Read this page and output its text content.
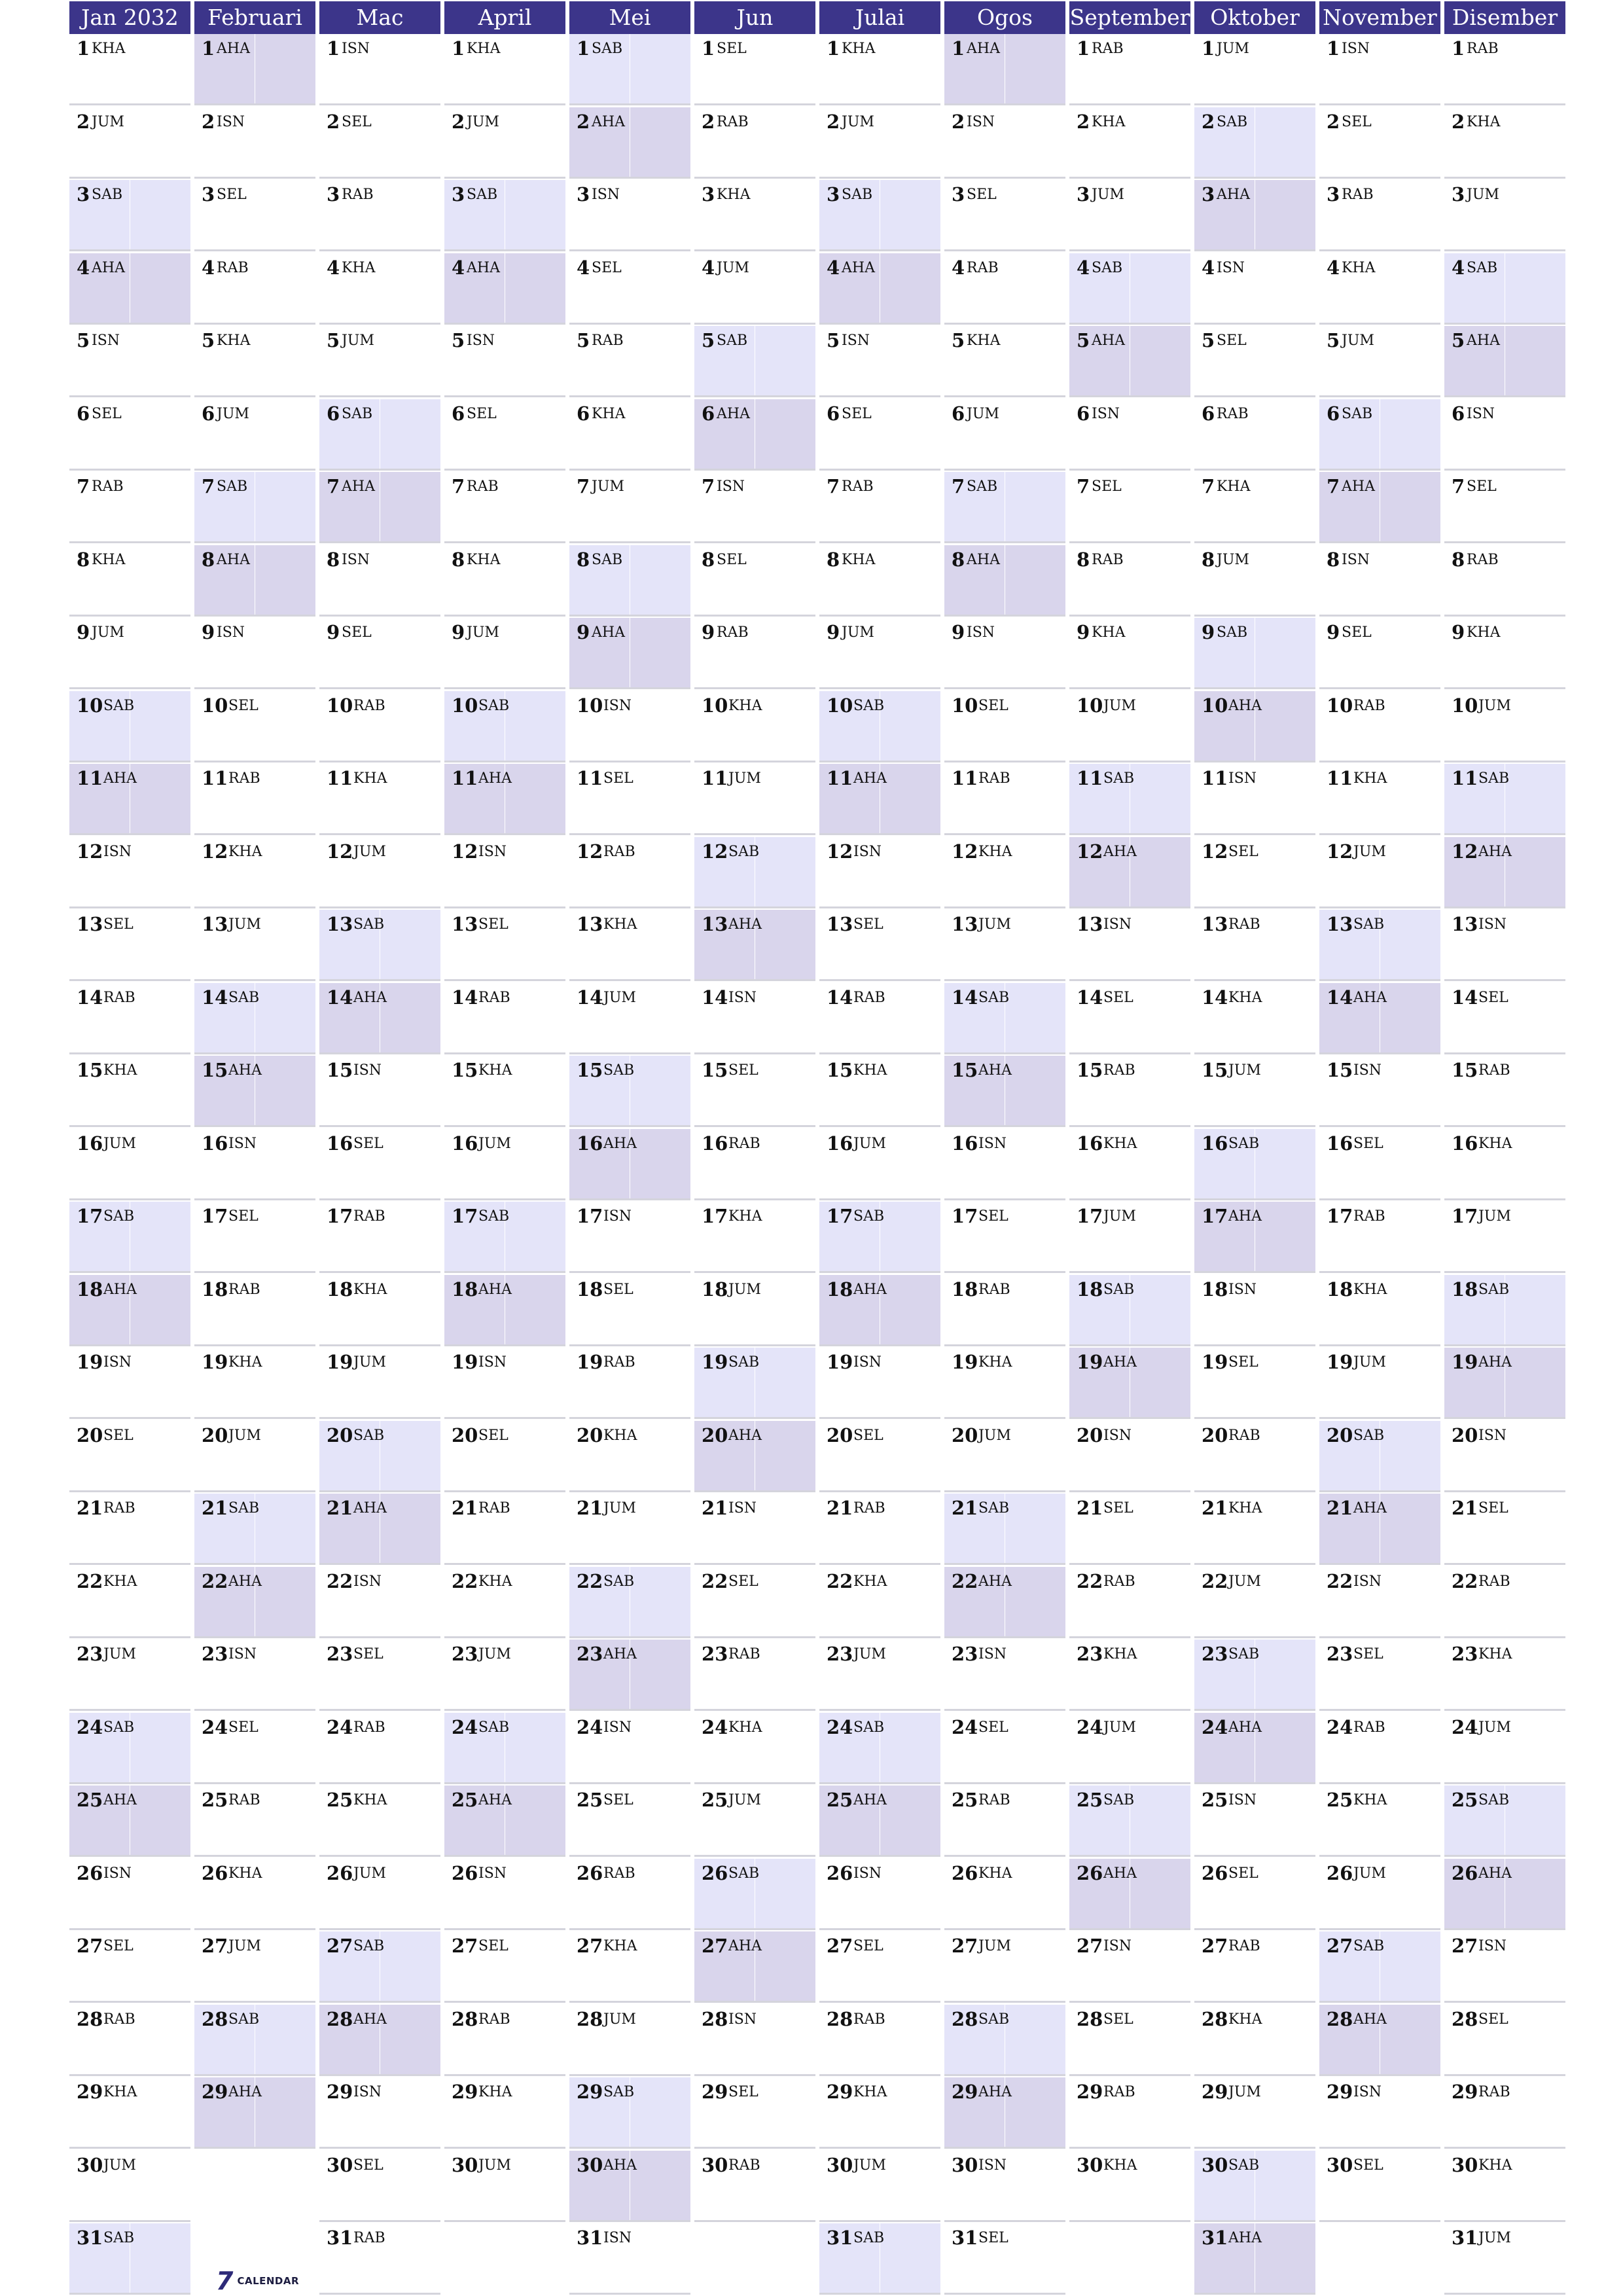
Jan 2032
1 KHA
2 JUM
3 SAB
4 AHA
5 ISN
6 SEL
7 RAB
8 KHA
9 JUM
10 SAB
11 AHA
12 ISN
13 SEL
14 RAB
15 KHA
16 JUM
17 SAB
18 AHA
19 ISN
20 SEL
21 RAB
22 KHA
23 JUM
24 SAB
25 AHA
26 ISN
27 SEL
28 RAB
29 KHA
30 JUM
31 SAB
Februari
1 AHA
2 ISN
3 SEL
4 RAB
5 KHA
6 JUM
7 SAB
8 AHA
9 ISN
10 SEL
11 RAB
12 KHA
13 JUM
14 SAB
15 AHA
16 ISN
17 SEL
18 RAB
19 KHA
20 JUM
21 SAB
22 AHA
23 ISN
24 SEL
25 RAB
26 KHA
27 JUM
28 SAB
29 AHA
Mac
1 ISN
2 SEL
3 RAB
4 KHA
5 JUM
6 SAB
7 AHA
8 ISN
9 SEL
10 RAB
11 KHA
12 JUM
13 SAB
14 AHA
15 ISN
16 SEL
17 RAB
18 KHA
19 JUM
20 SAB
21 AHA
22 ISN
23 SEL
24 RAB
25 KHA
26 JUM
27 SAB
28 AHA
29 ISN
30 SEL
31 RAB
April
1 KHA
2 JUM
3 SAB
4 AHA
5 ISN
6 SEL
7 RAB
8 KHA
9 JUM
10 SAB
11 AHA
12 ISN
13 SEL
14 RAB
15 KHA
16 JUM
17 SAB
18 AHA
19 ISN
20 SEL
21 RAB
22 KHA
23 JUM
24 SAB
25 AHA
26 ISN
27 SEL
28 RAB
29 KHA
30 JUM
Mei
1 SAB
2 AHA
3 ISN
4 SEL
5 RAB
6 KHA
7 JUM
8 SAB
9 AHA
10 ISN
11 SEL
12 RAB
13 KHA
14 JUM
15 SAB
16 AHA
17 ISN
18 SEL
19 RAB
20 KHA
21 JUM
22 SAB
23 AHA
24 ISN
25 SEL
26 RAB
27 KHA
28 JUM
29 SAB
30 AHA
31 ISN
Jun
1 SEL
2 RAB
3 KHA
4 JUM
5 SAB
6 AHA
7 ISN
8 SEL
9 RAB
10 KHA
11 JUM
12 SAB
13 AHA
14 ISN
15 SEL
16 RAB
17 KHA
18 JUM
19 SAB
20 AHA
21 ISN
22 SEL
23 RAB
24 KHA
25 JUM
26 SAB
27 AHA
28 ISN
29 SEL
30 RAB
Julai
1 KHA
2 JUM
3 SAB
4 AHA
5 ISN
6 SEL
7 RAB
8 KHA
9 JUM
10 SAB
11 AHA
12 ISN
13 SEL
14 RAB
15 KHA
16 JUM
17 SAB
18 AHA
19 ISN
20 SEL
21 RAB
22 KHA
23 JUM
24 SAB
25 AHA
26 ISN
27 SEL
28 RAB
29 KHA
30 JUM
31 SAB
Ogos
1 AHA
2 ISN
3 SEL
4 RAB
5 KHA
6 JUM
7 SAB
8 AHA
9 ISN
10 SEL
11 RAB
12 KHA
13 JUM
14 SAB
15 AHA
16 ISN
17 SEL
18 RAB
19 KHA
20 JUM
21 SAB
22 AHA
23 ISN
24 SEL
25 RAB
26 KHA
27 JUM
28 SAB
29 AHA
30 ISN
31 SEL
September
1 RAB
2 KHA
3 JUM
4 SAB
5 AHA
6 ISN
7 SEL
8 RAB
9 KHA
10 JUM
11 SAB
12 AHA
13 ISN
14 SEL
15 RAB
16 KHA
17 JUM
18 SAB
19 AHA
20 ISN
21 SEL
22 RAB
23 KHA
24 JUM
25 SAB
26 AHA
27 ISN
28 SEL
29 RAB
30 KHA
Oktober
1 JUM
2 SAB
3 AHA
4 ISN
5 SEL
6 RAB
7 KHA
8 JUM
9 SAB
10 AHA
11 ISN
12 SEL
13 RAB
14 KHA
15 JUM
16 SAB
17 AHA
18 ISN
19 SEL
20 RAB
21 KHA
22 JUM
23 SAB
24 AHA
25 ISN
26 SEL
27 RAB
28 KHA
29 JUM
30 SAB
31 AHA
November
1 ISN
2 SEL
3 RAB
4 KHA
5 JUM
6 SAB
7 AHA
8 ISN
9 SEL
10 RAB
11 KHA
12 JUM
13 SAB
14 AHA
15 ISN
16 SEL
17 RAB
18 KHA
19 JUM
20 SAB
21 AHA
22 ISN
23 SEL
24 RAB
25 KHA
26 JUM
27 SAB
28 AHA
29 ISN
30 SEL
Disember
1 RAB
2 KHA
3 JUM
4 SAB
5 AHA
6 ISN
7 SEL
8 RAB
9 KHA
10 JUM
11 SAB
12 AHA
13 ISN
14 SEL
15 RAB
16 KHA
17 JUM
18 SAB
19 AHA
20 ISN
21 SEL
22 RAB
23 KHA
24 JUM
25 SAB
26 AHA
27 ISN
28 SEL
29 RAB
30 KHA
31 JUM
7 CALENDAR
